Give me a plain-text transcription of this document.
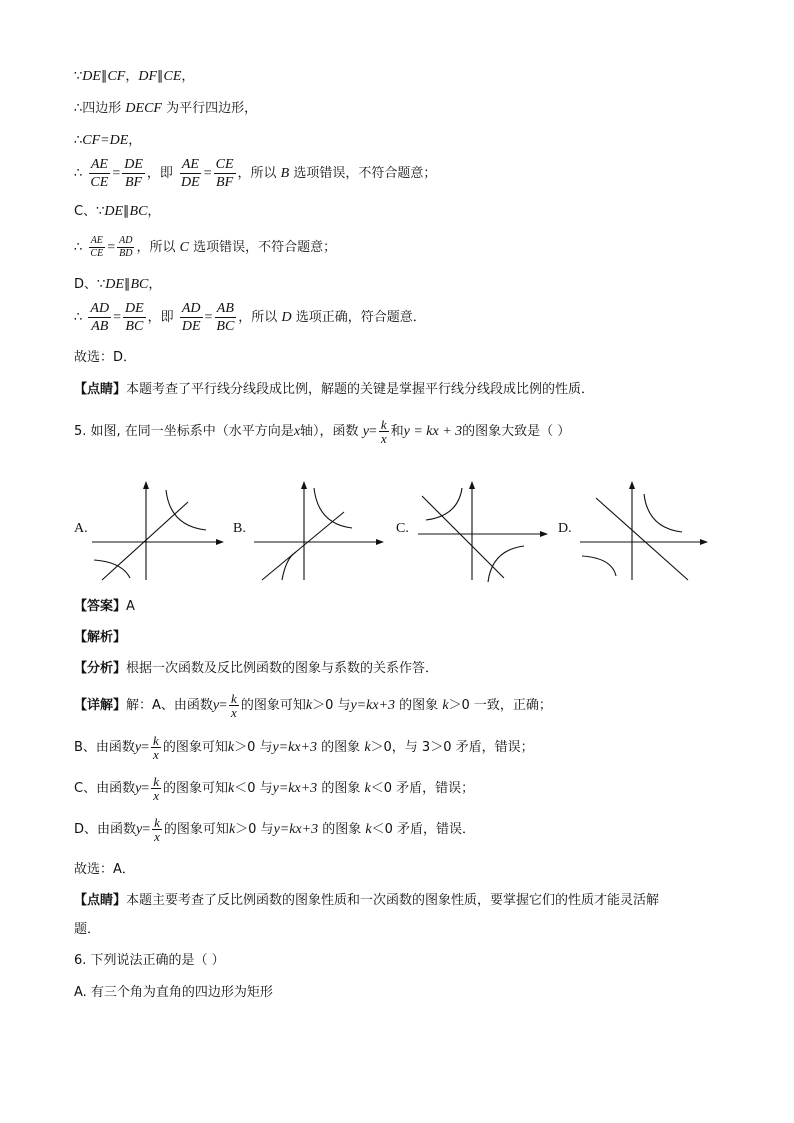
∵DE∥CF，DF∥CE，
∴四边形 DECF 为平行四边形，
∴CF=DE，
∴ $\frac{AE}{CE} = \frac{DE}{BF}$ ，即 $\frac{AE}{DE} = \frac{CE}{BF}$ ，所以 B 选项错误，不符合题意；
C、∵DE∥BC，
∴ $\frac{AE}{CE} = \frac{AD}{BD}$ ，所以 C 选项错误，不符合题意；
D、∵DE∥BC，
∴ $\frac{AD}{AB} = \frac{DE}{BC}$ ，即 $\frac{AD}{DE} = \frac{AB}{BC}$ ，所以 D 选项正确，符合题意．
故选：D．
【点睛】本题考查了平行线分线段成比例，解题的关键是掌握平行线分线段成比例的性质．
5. 如图, 在同一坐标系中（水平方向是x轴），函数 $y= \frac{k}{x}$ 和y = kx + 3的图象大致是（ ）
A.	B.	C.	D.
【答案】A
【解析】
【分析】根据一次函数及反比例函数的图象与系数的关系作答．
【详解】解：A、由函数$y= \frac{k}{x}$ 的图象可知k＞0 与y=kx+3 的图象 k＞0 一致，正确；
B、由函数$y= \frac{k}{x}$ 的图象可知k＞0 与y=kx+3 的图象 k＞0，与 3＞0 矛盾，错误；
C、由函数$y= \frac{k}{x}$ 的图象可知k＜0 与y=kx+3 的图象 k＜0 矛盾，错误；
D、由函数$y= \frac{k}{x}$ 的图象可知k＞0 与y=kx+3 的图象 k＜0 矛盾，错误．
故选：A．
【点睛】本题主要考查了反比例函数的图象性质和一次函数的图象性质，要掌握它们的性质才能灵活解
题．
6. 下列说法正确的是（ ）
A. 有三个角为直角的四边形为矩形
